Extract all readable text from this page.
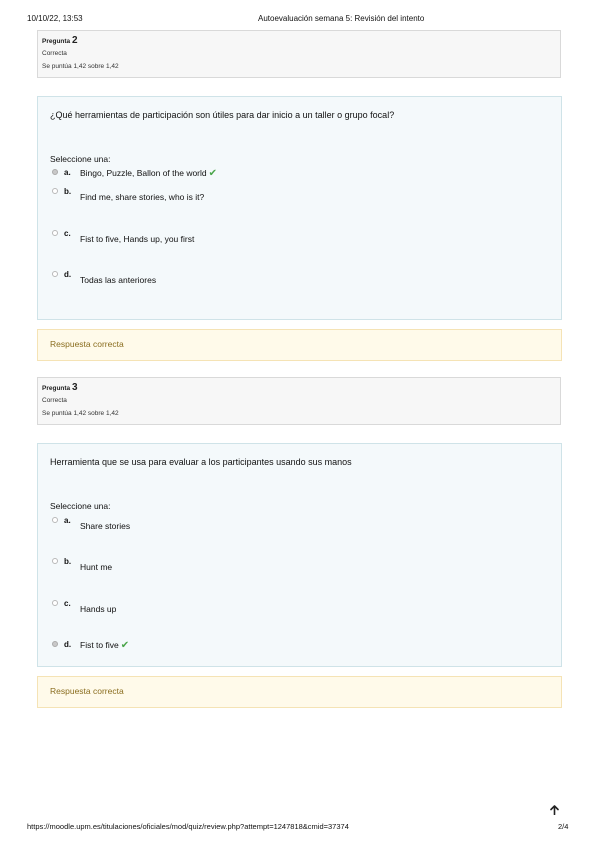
10/10/22, 13:53	Autoevaluación semana 5: Revisión del intento
Pregunta 2
Correcta
Se puntúa 1,42 sobre 1,42
¿Qué herramientas de participación son útiles para dar inicio a un taller o grupo focal?
Seleccione una:
a. Bingo, Puzzle, Ballon of the world ✔
b.
Find me, share stories, who is it?
c.
Fist to five, Hands up, you first
d.
Todas las anteriores
Respuesta correcta
Pregunta 3
Correcta
Se puntúa 1,42 sobre 1,42
Herramienta que se usa para evaluar a los participantes usando sus manos
Seleccione una:
a.
Share stories
b.
Hunt me
c.
Hands up
d. Fist to five ✔
Respuesta correcta
https://moodle.upm.es/titulaciones/oficiales/mod/quiz/review.php?attempt=1247818&cmid=37374	2/4
